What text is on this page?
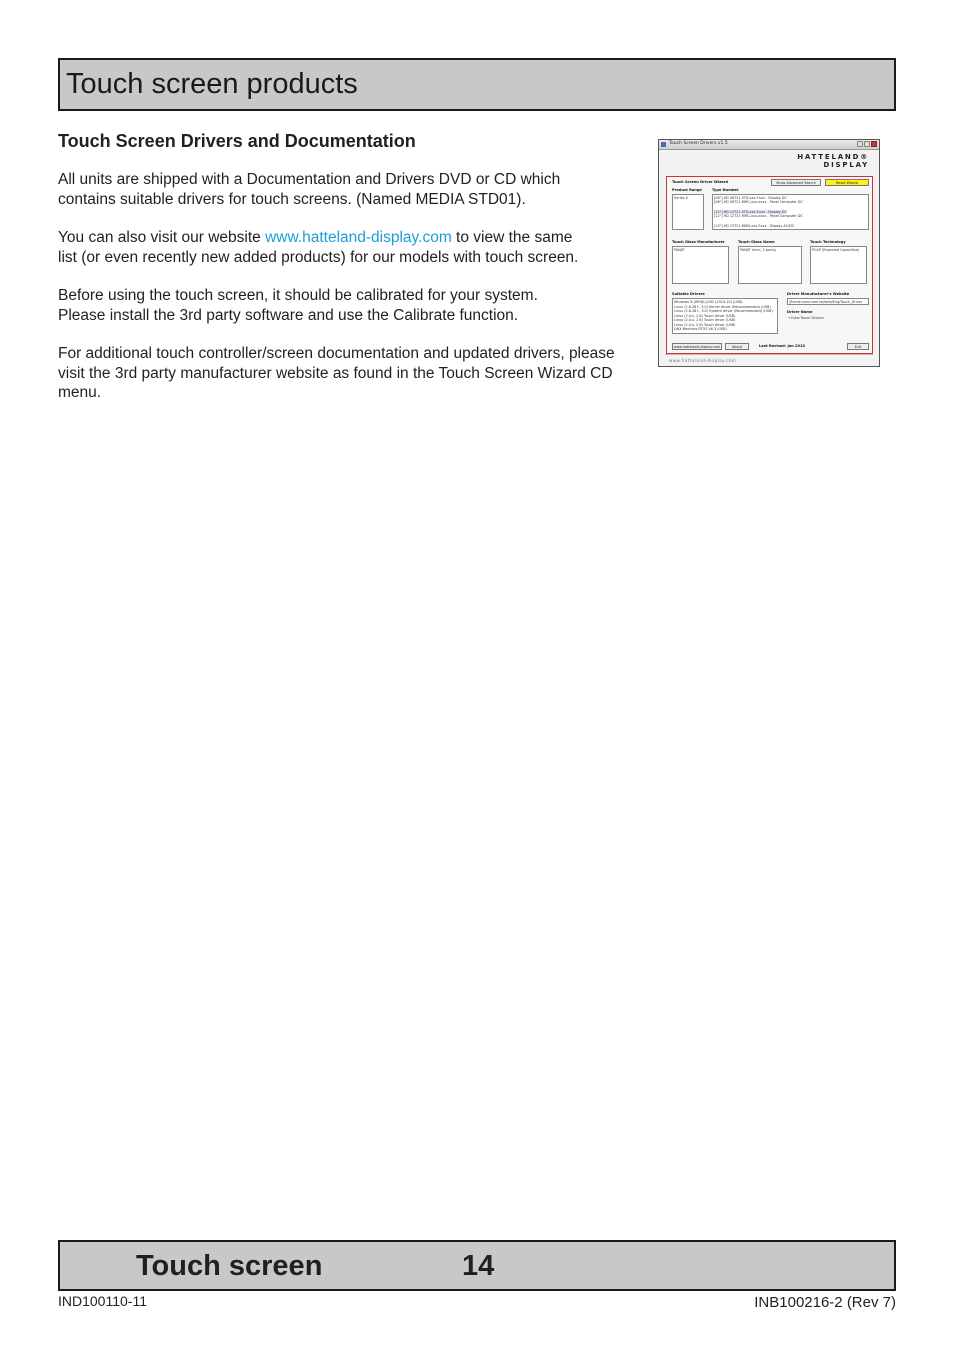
Touch screen products
Touch Screen Drivers and Documentation
All units are shipped with a Documentation and Drivers DVD or CD which
contains suitable drivers for touch screens. (Named MEDIA STD01).
You can also visit our website www.hatteland-display.com to view the same
list (or even recently new added products) for our models with touch screen.
Before using the touch screen, it should be calibrated for your system.
Please install the 3rd party software and use the Calibrate function.
For additional touch controller/screen documentation and updated drivers, please
visit the 3rd party manufacturer website as found in the Touch Screen Wizard CD
menu.
Touch Screen Drivers v1.5
HATTELAND®
DISPLAY
Touch Screen Driver Wizard	Show Advanced Search	Reset Wizard
Product Range
Series X
Type Number
[08"] HD 08T21 STD-xxx-Fxxx - Display DC
[08"] HD 08T21 MMC-xxx-xxxx - Panel Computer DC
[12"] HD 12T21 STD-xxx-Fxxx - Display DC
[12"] HD 12T21 MMC-xxx-xxxx - Panel Computer DC
[13"] HD 13T21 MMD-xxx-Fxxx - Display AC/DC
Touch Glass Manufacturer
PANJIT
Touch Glass Name
PANJIT (mini, 2 ports)
Touch Technology
PCAP (Projected Capacitive)
Suitable Drivers
Windows 8 (WHQL)/x32 (2014-10) (USB)
Linux (2.6.28+, 3.0) Kernel driver (Recommended) (USB)
Linux (2.6.28+, 3.0) System driver (Recommended) (USB)
Linux (2.4.x, 2.6) Touch driver (USB)
Linux (2.4.x, 2.6) Touch driver (USB)
Linux (2.4.x, 2.6) Touch driver (USB)
QNX Neutrino RTOS V6.3 (USB)
Driver Manufacturer's Website
//home.xxxx.com.tw/web/Eng/Touch_Driver
Driver Name
+Cube Touch Drivers
www.hatteland-display.com	About	Last Revised: Jan 2013	Exit
www.hatteland-display.com
Touch screen	14
IND100110-11	INB100216-2 (Rev 7)
